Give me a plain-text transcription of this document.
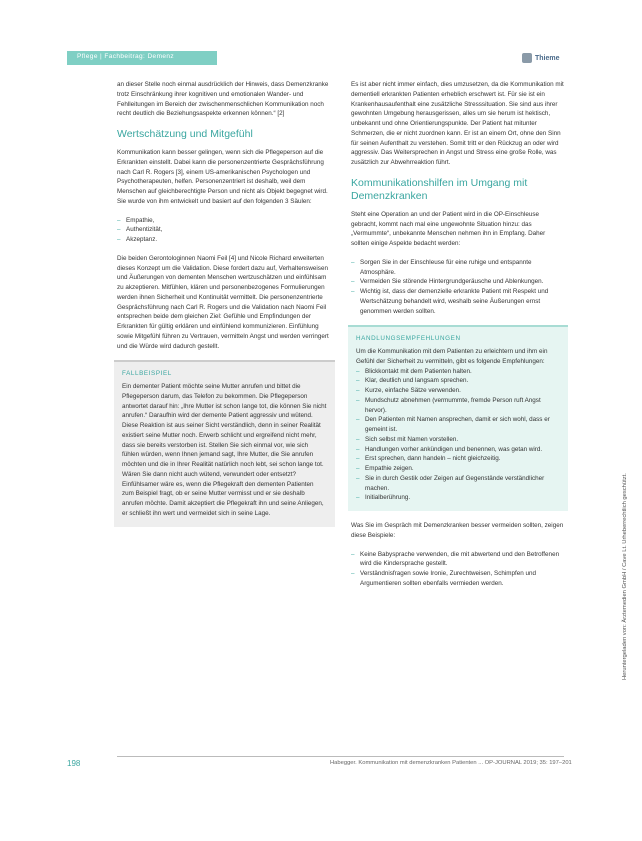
Pflege | Fachbeitrag: Demenz	Thieme

an dieser Stelle noch einmal ausdrücklich der Hinweis, dass Demenzkranke trotz Einschränkung ihrer kognitiven und emotionalen Wander- und Fehlleitungen im Bereich der zwischenmenschlichen Kommunikation noch recht deutlich die Beziehungsaspekte erkennen können.“ [2]

Wertschätzung und Mitgefühl

Kommunikation kann besser gelingen, wenn sich die Pflegeperson auf die Erkrankten einstellt. Dabei kann die personenzentrierte Gesprächsführung nach Carl R. Rogers [3], einem US-amerikanischen Psychologen und Psychotherapeuten, helfen. Personenzentriert ist deshalb, weil dem Menschen auf gleichberechtigte Person und nicht als Objekt begegnet wird. Sie wurde von ihm entwickelt und basiert auf den folgenden 3 Säulen:

– Empathie,
– Authentizität,
– Akzeptanz.

Die beiden Gerontologinnen Naomi Feil [4] und Nicole Richard erweiterten dieses Konzept um die Validation. Diese fordert dazu auf, Verhaltensweisen und Äußerungen von dementen Menschen wertzuschätzen und einfühlsam zu akzeptieren. Mitfühlen, klären und personenbezogenes Formulierungen werden ihnen Sicherheit und Kontinuität vermittelt. Die personenzentrierte Gesprächsführung nach Carl R. Rogers und die Validation nach Naomi Feil entsprechen beide dem gleichen Ziel: Gefühle und Empfindungen der Erkrankten für gültig erklären und einfühlend kommunizieren. Einfühlung sowie Mitgefühl führen zu Vertrauen, vermitteln Angst und werden verringert und die Würde wird dadurch gestellt.

FALLBEISPIEL

Ein dementer Patient möchte seine Mutter anrufen und bittet die Pflegeperson darum, das Telefon zu bekommen. Die Pflegeperson antwortet darauf hin: „Ihre Mutter ist schon lange tot, die können Sie nicht anrufen.“ Daraufhin wird der demente Patient aggressiv und wütend. Diese Reaktion ist aus seiner Sicht verständlich, denn in seiner Realität existiert seine Mutter noch. Erwerb schlicht und ergreifend nicht mehr, dass sie bereits verstorben ist. Stellen Sie sich einmal vor, wie sich fühlen würden, wenn Ihnen jemand sagt, Ihre Mutter, die Sie anrufen möchten und die in Ihrer Realität natürlich noch lebt, sei schon lange tot. Wären Sie dann nicht auch wütend, verwundert oder entsetzt? Einfühlsamer wäre es, wenn die Pflegekraft den dementen Patienten zum Beispiel fragt, ob er seine Mutter vermisst und er sie deshalb anrufen möchte. Damit akzeptiert die Pflegekraft ihn und seine Anliegen, er schließt ihn wert und vermeidet sich in seine Lage.

Es ist aber nicht immer einfach, dies umzusetzen, da die Kommunikation mit dementiell erkrankten Patienten erheblich erschwert ist. Für sie ist ein Krankenhausaufenthalt eine zusätzliche Stresssituation. Sie sind aus ihrer gewohnten Umgebung herausgerissen, alles um sie herum ist hektisch, unbekannt und ohne Orientierungspunkte. Der Patient hat mitunter Schmerzen, die er nicht zuordnen kann. Er ist an einem Ort, ohne den Sinn für seinen Aufenthalt zu verstehen. Somit tritt er den Rückzug an oder wird aggressiv. Das Weitersprechen in Angst und Stress eine große Rolle, was zusätzlich zur Abwehrreaktion führt.

Kommunikationshilfen im Umgang mit Demenzkranken

Steht eine Operation an und der Patient wird in die OP-Einschleuse gebracht, kommt nach mal eine ungewohnte Situation hinzu: das „Vermummte“, unbekannte Menschen nehmen ihn in Empfang. Daher sollten einige Aspekte bedacht werden:

– Sorgen Sie in der Einschleuse für eine ruhige und entspannte Atmosphäre.
– Vermeiden Sie störende Hintergrundgeräusche und Ablenkungen.
– Wichtig ist, dass der demenzielle erkrankte Patient mit Respekt und Wertschätzung behandelt wird, weshalb seine Äußerungen ernst genommen werden sollten.
HANDLUNGSEMPFEHLUNGEN

Um die Kommunikation mit dem Patienten zu erleichtern und ihm ein Gefühl der Sicherheit zu vermitteln, gibt es folgende Empfehlungen:

– Blickkontakt mit dem Patienten halten.
– Klar, deutlich und langsam sprechen.
– Kurze, einfache Sätze verwenden.
– Mundschutz abnehmen (vermummte, fremde Person ruft Angst hervor).
– Den Patienten mit Namen ansprechen, damit er sich wohl, dass er gemeint ist.
– Sich selbst mit Namen vorstellen.
– Handlungen vorher ankündigen und benennen, was getan wird.
– Erst sprechen, dann handeln – nicht gleichzeitig.
– Empathie zeigen.
– Sie in durch Gestik oder Zeigen auf Gegenstände verständlicher machen.
– Initialberührung.

Was Sie im Gespräch mit Demenzkranken besser vermeiden sollten, zeigen diese Beispiele:

– Keine Babysprache verwenden, die mit abwertend und den Betroffenen wird die Kindersprache gestellt.
– Verständnisfragen sowie Ironie, Zurechtweisen, Schimpfen und Argumentieren sollten ebenfalls vermieden werden.	Heruntergeladen von: Ärztemedien GmbH / Cave Lt. Urheberrechtlich geschützt.
198	Habegger. Kommunikation mit demenzkranken Patienten ... OP-JOURNAL 2019; 35: 197–201
